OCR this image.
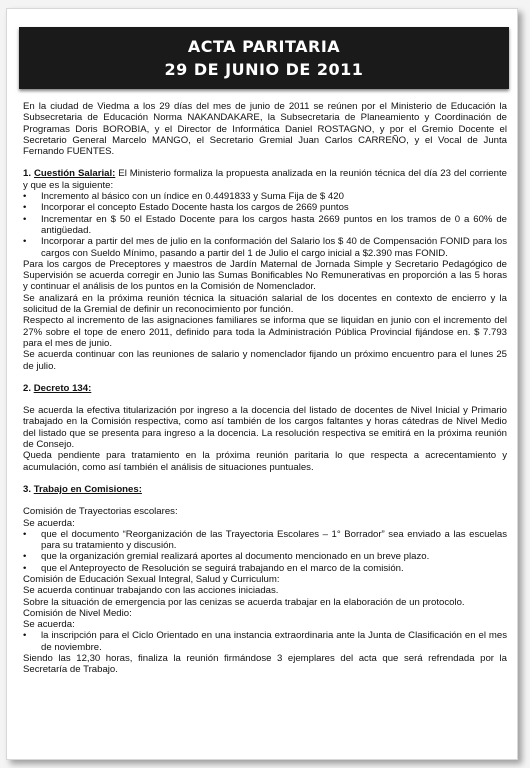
ACTA PARITARIA
29 DE JUNIO DE 2011

En la ciudad de Viedma a los 29 días del mes de junio de 2011 se reúnen por el Ministerio de Educación la Subsecretaria de Educación Norma NAKANDAKARE, la Subsecretaria de Planeamiento y Coordinación de Programas Doris BOROBIA, y el Director de Informática Daniel ROSTAGNO, y por el Gremio Docente el Secretario General Marcelo MANGO, el Secretario Gremial Juan Carlos CARREÑO, y el Vocal de Junta Fernando FUENTES.

1. Cuestión Salarial: El Ministerio formaliza la propuesta analizada en la reunión técnica del día 23 del corriente y que es la siguiente:

•	Incremento al básico con un índice en 0.4491833 y Suma Fija de $ 420
•	Incorporar el concepto Estado Docente hasta los cargos de 2669 puntos
•	Incrementar en $ 50 el Estado Docente para los cargos hasta 2669 puntos en los tramos de 0 a 60% de antigüedad.
•	Incorporar a partir del mes de julio en la conformación del Salario los $ 40 de Compensación FONID para los cargos con Sueldo Mínimo, pasando a partir del 1 de Julio el cargo inicial a $2.390 mas FONID.

Para los cargos de Preceptores y maestros de Jardín Maternal de Jornada Simple y Secretario Pedagógico de Supervisión se acuerda corregir en Junio las Sumas Bonificables No Remunerativas en proporción a las 5 horas y continuar el análisis de los puntos en la Comisión de Nomenclador.

Se analizará en la próxima reunión técnica la situación salarial de los docentes en contexto de encierro y la solicitud de la Gremial de definir un reconocimiento por función.

Respecto al incremento de las asignaciones familiares se informa que se liquidan en junio con el incremento del 27% sobre el tope de enero 2011, definido para toda la Administración Pública Provincial fijándose en. $ 7.793 para el mes de junio.

Se acuerda continuar con las reuniones de salario y nomenclador fijando un próximo encuentro para el lunes 25 de julio.

2. Decreto 134:

Se acuerda la efectiva titularización por ingreso a la docencia del listado de docentes de Nivel Inicial y Primario trabajado en la Comisión respectiva, como así también de los cargos faltantes y horas cátedras de Nivel Medio del listado que se presenta para ingreso a la docencia. La resolución respectiva se emitirá en la próxima reunión de Consejo.

Queda pendiente para tratamiento en la próxima reunión paritaria lo que respecta a acrecentamiento y acumulación, como así también el análisis de situaciones puntuales.

3. Trabajo en Comisiones:

Comisión de Trayectorias escolares:

Se acuerda:

•	que el documento “Reorganización de las Trayectoria Escolares – 1° Borrador” sea enviado a las escuelas para su tratamiento y discusión.
•	que la organización gremial realizará aportes al documento mencionado en un breve plazo.
•	que el Anteproyecto de Resolución se seguirá trabajando en el marco de la comisión.

Comisión de Educación Sexual Integral, Salud y Curriculum:

Se acuerda continuar trabajando con las acciones iniciadas.

Sobre la situación de emergencia por las cenizas se acuerda trabajar en la elaboración de un protocolo.

Comisión de Nivel Medio:

Se acuerda:

•	la inscripción para el Ciclo Orientado en una instancia extraordinaria ante la Junta de Clasificación en el mes de noviembre.

Siendo las 12,30 horas, finaliza la reunión firmándose 3 ejemplares del acta que será refrendada por la Secretaría de Trabajo.
